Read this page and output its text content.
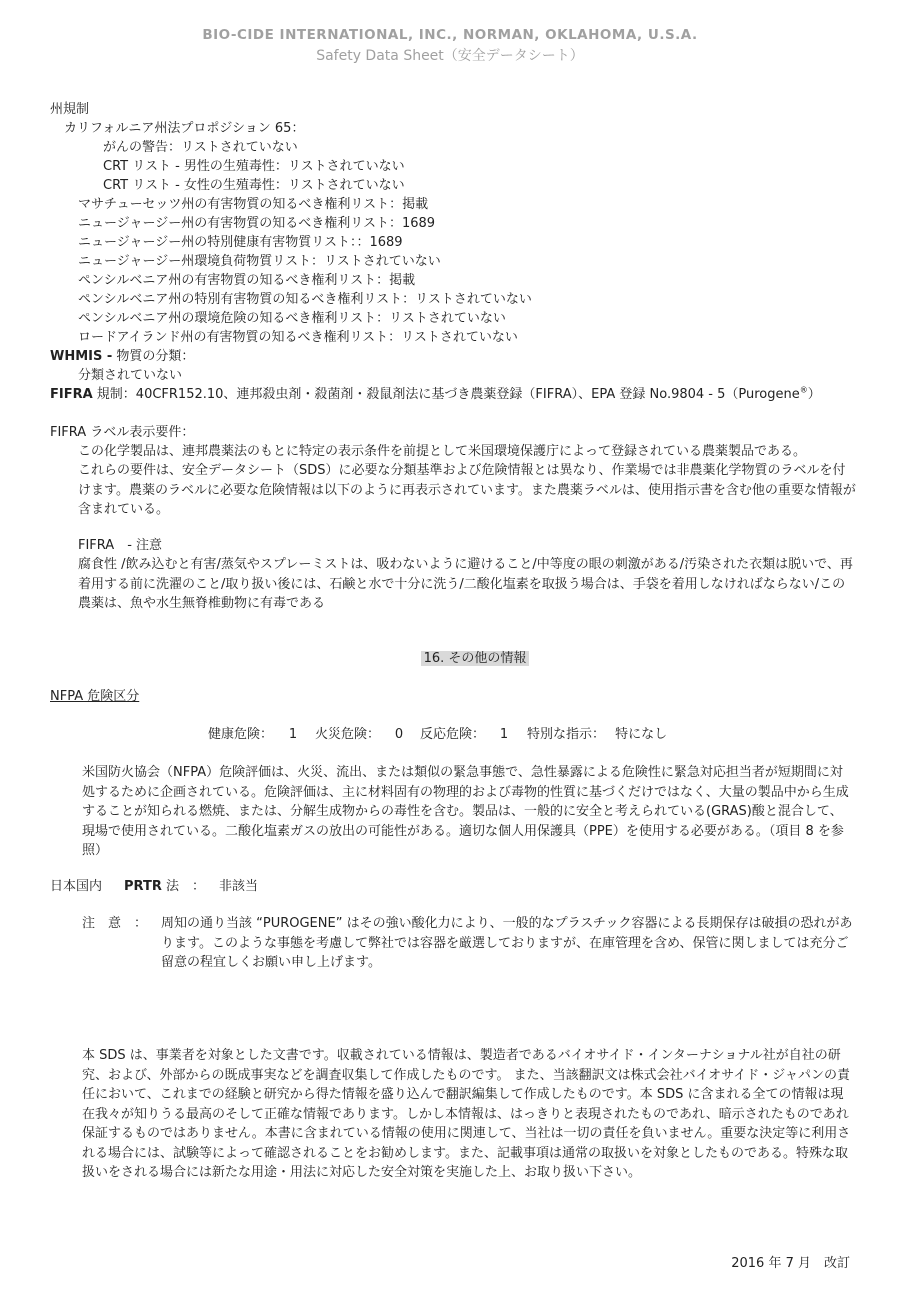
BIO-CIDE INTERNATIONAL, INC., NORMAN, OKLAHOMA, U.S.A.
Safety Data Sheet（安全データシート）
州規制
カリフォルニア州法プロポジション 65：
がんの警告：リストされていない
CRT リスト - 男性の生殖毒性：リストされていない
CRT リスト - 女性の生殖毒性：リストされていない
マサチューセッツ州の有害物質の知るべき権利リスト：掲載
ニュージャージー州の有害物質の知るべき権利リスト：1689
ニュージャージー州の特別健康有害物質リスト：：1689
ニュージャージー州環境負荷物質リスト：リストされていない
ペンシルベニア州の有害物質の知るべき権利リスト：掲載
ペンシルベニア州の特別有害物質の知るべき権利リスト：リストされていない
ペンシルベニア州の環境危険の知るべき権利リスト：リストされていない
ロードアイランド州の有害物質の知るべき権利リスト：リストされていない
WHMIS - 物質の分類：
分類されていない
FIFRA 規制：40CFR152.10、連邦殺虫剤・殺菌剤・殺鼠剤法に基づき農薬登録（FIFRA）、EPA 登録 No.9804 - 5（Purogene®）
FIFRA ラベル表示要件：
この化学製品は、連邦農薬法のもとに特定の表示条件を前提として米国環境保護庁によって登録されている農薬製品である。
これらの要件は、安全データシート（SDS）に必要な分類基準および危険情報とは異なり、作業場では非農薬化学物質のラベルを付けます。農薬のラベルに必要な危険情報は以下のように再表示されています。また農薬ラベルは、使用指示書を含む他の重要な情報が含まれている。
FIFRA　- 注意
腐食性 /飲み込むと有害/蒸気やスプレーミストは、吸わないように避けること/中等度の眼の刺激がある/汚染された衣類は脱いで、再着用する前に洗濯のこと/取り扱い後には、石鹸と水で十分に洗う/二酸化塩素を取扱う場合は、手袋を着用しなければならない/この農薬は、魚や水生無脊椎動物に有毒である
16. その他の情報
NFPA 危険区分
健康危険： 1 火災危険： 0 反応危険： 1 特別な指示： 特になし
米国防火協会（NFPA）危険評価は、火災、流出、または類似の緊急事態で、急性暴露による危険性に緊急対応担当者が短期間に対処するために企画されている。危険評価は、主に材料固有の物理的および毒物的性質に基づくだけではなく、大量の製品中から生成することが知られる燃焼、または、分解生成物からの毒性を含む。製品は、一般的に安全と考えられている(GRAS)酸と混合して、現場で使用されている。二酸化塩素ガスの放出の可能性がある。適切な個人用保護具（PPE）を使用する必要がある。（項目 8 を参照）
日本国内 PRTR 法　： 非該当
注　意　： 周知の通り当該 “PUROGENE” はその強い酸化力により、一般的なプラスチック容器による長期保存は破損の恐れがあります。このような事態を考慮して弊社では容器を厳選しておりますが、在庫管理を含め、保管に関しましては充分ご留意の程宜しくお願い申し上げます。
本 SDS は、事業者を対象とした文書です。収載されている情報は、製造者であるバイオサイド・インターナショナル社が自社の研究、および、外部からの既成事実などを調査収集して作成したものです。 また、当該翻訳文は株式会社バイオサイド・ジャパンの責任において、これまでの経験と研究から得た情報を盛り込んで翻訳編集して作成したものです。本 SDS に含まれる全ての情報は現在我々が知りうる最高のそして正確な情報であります。しかし本情報は、はっきりと表現されたものであれ、暗示されたものであれ保証するものではありません。本書に含まれている情報の使用に関連して、当社は一切の責任を負いません。重要な決定等に利用される場合には、試験等によって確認されることをお勧めします。また、記載事項は通常の取扱いを対象としたものである。特殊な取扱いをされる場合には新たな用途・用法に対応した安全対策を実施した上、お取り扱い下さい。
2016 年 7 月　改訂
